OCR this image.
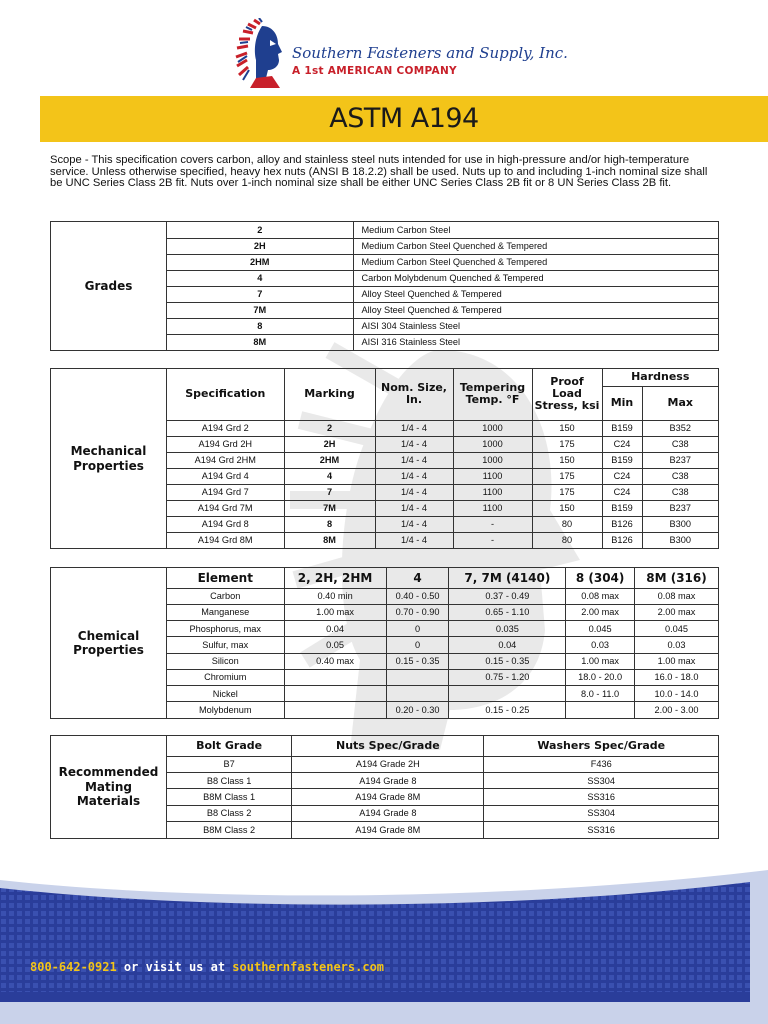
Southern Fasteners and Supply, Inc.
A 1st AMERICAN COMPANY
ASTM A194

Scope - This specification covers carbon, alloy and stainless steel nuts intended for use in high-pressure and/or high-temperature service. Unless otherwise specified, heavy hex nuts (ANSI B 18.2.2) shall be used. Nuts up to and including 1-inch nominal size shall be UNC Series Class 2B fit. Nuts over 1-inch nominal size shall be either UNC Series Class 2B fit or 8 UN Series Class 2B fit.

Grades
2	Medium Carbon Steel
2H	Medium Carbon Steel Quenched & Tempered
2HM	Medium Carbon Steel Quenched & Tempered
4	Carbon Molybdenum Quenched & Tempered
7	Alloy Steel Quenched & Tempered
7M	Alloy Steel Quenched & Tempered
8	AISI 304 Stainless Steel
8M	AISI 316 Stainless Steel
Mechanical Properties
Specification	Marking	Nom. Size, In.	Tempering Temp. °F	Proof Load Stress, ksi	Hardness	
					Min	Max
A194 Grd 2	2	1/4 - 4	1000	150	B159	B352
A194 Grd 2H	2H	1/4 - 4	1000	175	C24	C38
A194 Grd 2HM	2HM	1/4 - 4	1000	150	B159	B237
A194 Grd 4	4	1/4 - 4	1100	175	C24	C38
A194 Grd 7	7	1/4 - 4	1100	175	C24	C38
A194 Grd 7M	7M	1/4 - 4	1100	150	B159	B237
A194 Grd 8	8	1/4 - 4	-	80	B126	B300
A194 Grd 8M	8M	1/4 - 4	-	80	B126	B300
Chemical Properties
Element	2, 2H, 2HM	4	7, 7M (4140)	8 (304)	8M (316)
Carbon	0.40 min	0.40 - 0.50	0.37 - 0.49	0.08 max	0.08 max
Manganese	1.00 max	0.70 - 0.90	0.65 - 1.10	2.00 max	2.00 max
Phosphorus, max	0.04	0	0.035	0.045	0.045
Sulfur, max	0.05	0	0.04	0.03	0.03
Silicon	0.40 max	0.15 - 0.35	0.15 - 0.35	1.00 max	1.00 max
Chromium			0.75 - 1.20	18.0 - 20.0	16.0 - 18.0
Nickel				8.0 - 11.0	10.0 - 14.0
Molybdenum		0.20 - 0.30	0.15 - 0.25		2.00 - 3.00
Recommended Mating Materials
Bolt Grade	Nuts Spec/Grade	Washers Spec/Grade
B7	A194 Grade 2H	F436
B8 Class 1	A194 Grade 8	SS304
B8M Class 1	A194 Grade 8M	SS316
B8 Class 2	A194 Grade 8	SS304
B8M Class 2	A194 Grade 8M	SS316
800-642-0921 or visit us at southernfasteners.com
